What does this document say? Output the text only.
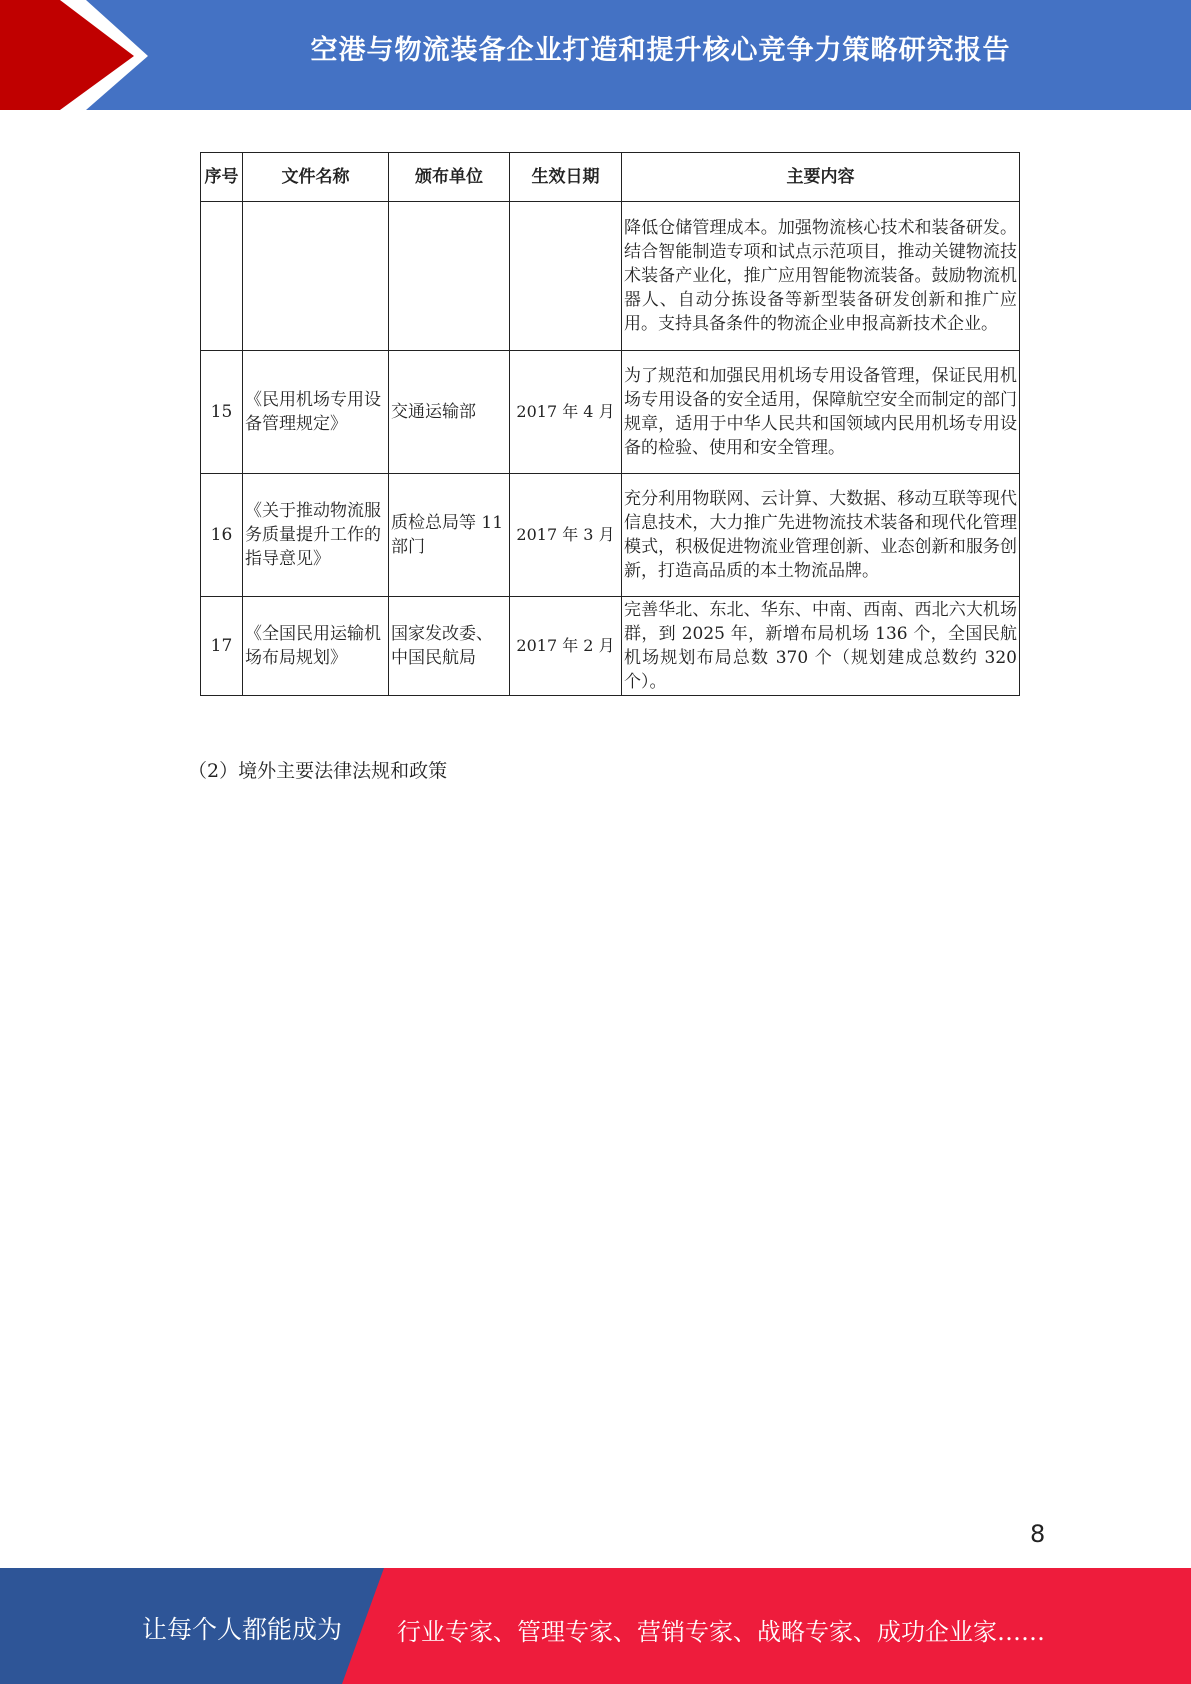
空港与物流装备企业打造和提升核心竞争力策略研究报告
序号	文件名称	颁布单位	生效日期	主要内容
				降低仓储管理成本。加强物流核心技术和装备研发。结合智能制造专项和试点示范项目，推动关键物流技术装备产业化，推广应用智能物流装备。鼓励物流机器人、自动分拣设备等新型装备研发创新和推广应用。支持具备条件的物流企业申报高新技术企业。
15	《民用机场专用设备管理规定》	交通运输部	2017 年 4 月	为了规范和加强民用机场专用设备管理，保证民用机场专用设备的安全适用，保障航空安全而制定的部门规章，适用于中华人民共和国领域内民用机场专用设备的检验、使用和安全管理。
16	《关于推动物流服务质量提升工作的指导意见》	质检总局等 11 部门	2017 年 3 月	充分利用物联网、云计算、大数据、移动互联等现代信息技术，大力推广先进物流技术装备和现代化管理模式，积极促进物流业管理创新、业态创新和服务创新，打造高品质的本土物流品牌。
17	《全国民用运输机场布局规划》	国家发改委、中国民航局	2017 年 2 月	完善华北、东北、华东、中南、西南、西北六大机场群，到 2025 年，新增布局机场 136 个，全国民航机场规划布局总数 370 个（规划建成总数约 320 个）。
（2）境外主要法律法规和政策
8
让每个人都能成为 行业专家、管理专家、营销专家、战略专家、成功企业家……
